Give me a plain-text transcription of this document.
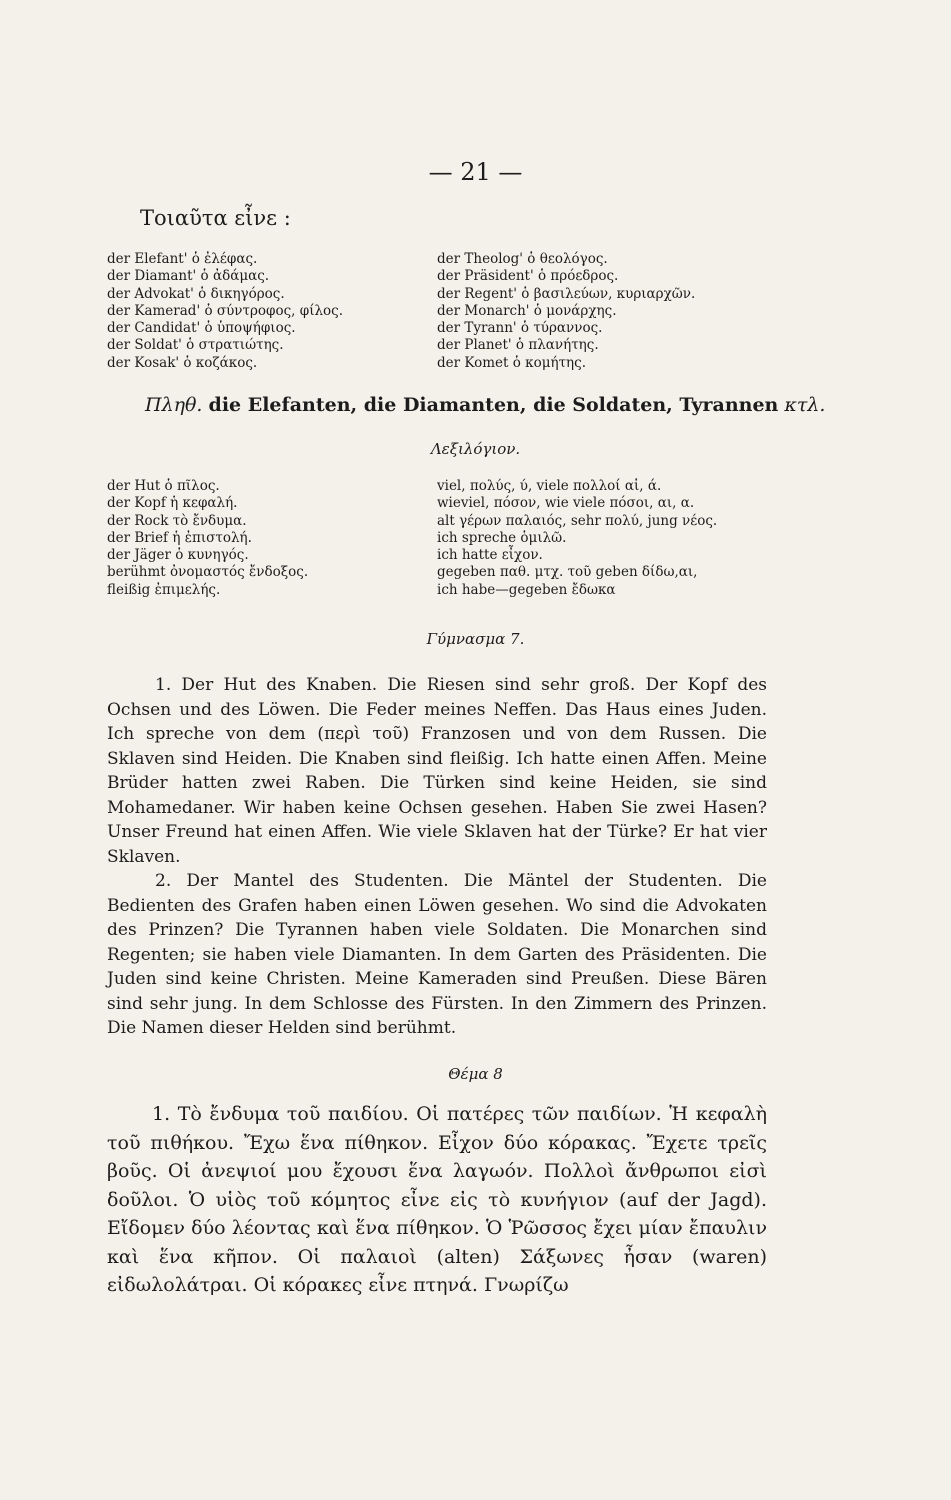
— 21 —
Τοιαῦτα εἶνε :
der Elefant' ὁ ἐλέφας.
der Diamant' ὁ ἀδάμας.
der Advokat' ὁ δικηγόρος.
der Kamerad' ὁ σύντροφος, φίλος.
der Candidat' ὁ ὑποψήφιος.
der Soldat' ὁ στρατιώτης.
der Kosak' ὁ κοζάκος.
der Theolog' ὁ θεολόγος.
der Präsident' ὁ πρόεδρος.
der Regent' ὁ βασιλεύων, κυριαρχῶν.
der Monarch' ὁ μονάρχης.
der Tyrann' ὁ τύραννος.
der Planet' ὁ πλανήτης.
der Komet ὁ κομήτης.
Πληθ. die Elefanten, die Diamanten, die Soldaten, Tyrannen κτλ.
Λεξιλόγιον.
der Hut ὁ πῖλος.
der Kopf ἡ κεφαλή.
der Rock τὸ ἔνδυμα.
der Brief ἡ ἐπιστολή.
der Jäger ὁ κυνηγός.
berühmt ὀνομαστός ἔνδοξος.
fleißig ἐπιμελής.
viel, πολύς, ύ, viele πολλοί αἱ, ά.
wieviel, πόσον, wie viele πόσοι, αι, α.
alt γέρων παλαιός, sehr πολύ, jung νέος.
ich spreche ὁμιλῶ.
ich hatte εἶχον.
gegeben παθ. μτχ. τοῦ geben δίδω,αι,
ich habe—gegeben ἔδωκα
Γύμνασμα 7.

1. Der Hut des Knaben. Die Riesen sind sehr groß. Der Kopf des Ochsen und des Löwen. Die Feder meines Neffen. Das Haus eines Juden. Ich spreche von dem (περὶ τοῦ) Franzosen und von dem Russen. Die Sklaven sind Heiden. Die Knaben sind fleißig. Ich hatte einen Affen. Meine Brüder hatten zwei Raben. Die Türken sind keine Heiden, sie sind Mohamedaner. Wir haben keine Ochsen gesehen. Haben Sie zwei Hasen? Unser Freund hat einen Affen. Wie viele Sklaven hat der Türke? Er hat vier Sklaven.

2. Der Mantel des Studenten. Die Mäntel der Studenten. Die Bedienten des Grafen haben einen Löwen gesehen. Wo sind die Advokaten des Prinzen? Die Tyrannen haben viele Soldaten. Die Monarchen sind Regenten; sie haben viele Diamanten. In dem Garten des Präsidenten. Die Juden sind keine Christen. Meine Kameraden sind Preußen. Diese Bären sind sehr jung. In dem Schlosse des Fürsten. In den Zimmern des Prinzen. Die Namen dieser Helden sind berühmt.

Θέμα 8

1. Τὸ ἔνδυμα τοῦ παιδίου. Οἱ πατέρες τῶν παιδίων. Ἡ κεφαλὴ τοῦ πιθήκου. Ἔχω ἕνα πίθηκον. Εἶχον δύο κόρακας. Ἔχετε τρεῖς βοῦς. Οἱ ἀνεψιοί μου ἔχουσι ἕνα λαγωόν. Πολλοὶ ἄνθρωποι εἰσὶ δοῦλοι. Ὁ υἱὸς τοῦ κόμητος εἶνε εἰς τὸ κυνήγιον (auf der Jagd). Εἴδομεν δύο λέοντας καὶ ἕνα πίθηκον. Ὁ Ῥῶσσος ἔχει μίαν ἔπαυλιν καὶ ἕνα κῆπον. Οἱ παλαιοὶ (alten) Σάξωνες ἦσαν (waren) εἰδωλολάτραι. Οἱ κόρακες εἶνε πτηνά. Γνωρίζω
